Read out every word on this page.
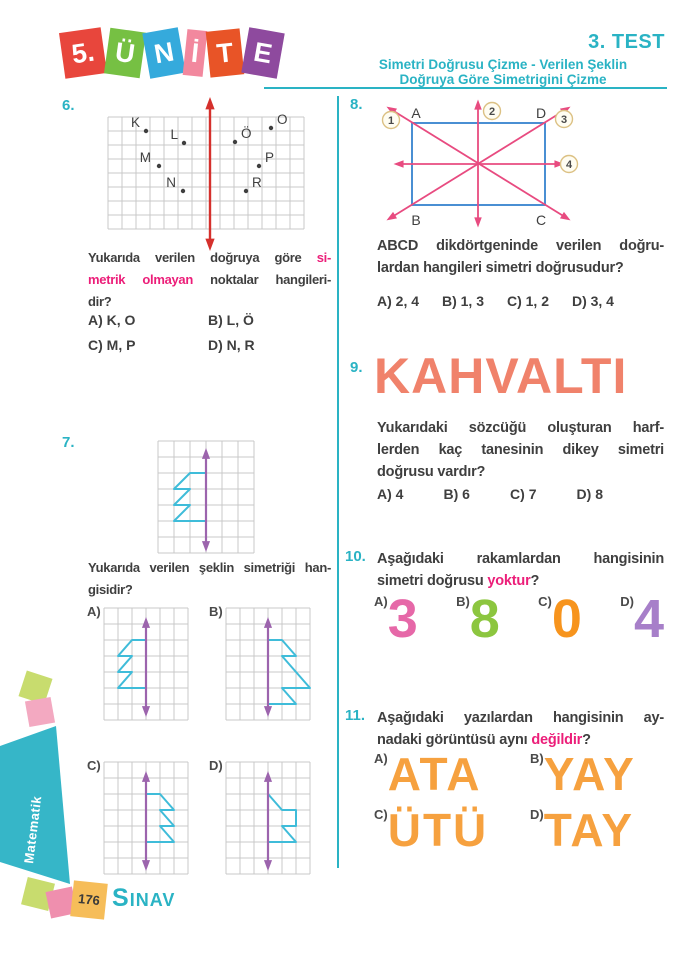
5. Ü N İ T E	3. TEST
Simetri Doğrusu Çizme - Verilen Şeklin
Doğruya Göre Simetrigini Çizme
6.
K
L	Ö
O
M	P
N	R
Yukarıda verilen doğruya göre si-
metrik olmayan noktalar hangileri-
dir?
A) K, O	B) L, Ö
C) M, P	D) N, R
7.
Yukarıda verilen şeklin simetriği han-
gisidir?
A)	B)
C)	D)
8.	A	D
B	C
1
2
3
4
ABCD dikdörtgeninde verilen doğru-
lardan hangileri simetri doğrusudur?
A) 2, 4 B) 1, 3 C) 1, 2 D) 3, 4
9. KAHVALTI
Yukarıdaki sözcüğü oluşturan harf-
lerden kaç tanesinin dikey simetri
doğrusu vardır?
A) 4	B) 6	C) 7	D) 8
10. Aşağıdaki rakamlardan hangisinin
simetri doğrusu yoktur?
A) 3	B) 8	C) 0	D) 4
11. Aşağıdaki yazılardan hangisinin ay-
nadaki görüntüsü aynı değildir?
A) ATA	B) YAY
C) ÜTÜ	D) TAY
Matematik
176 SINAV
